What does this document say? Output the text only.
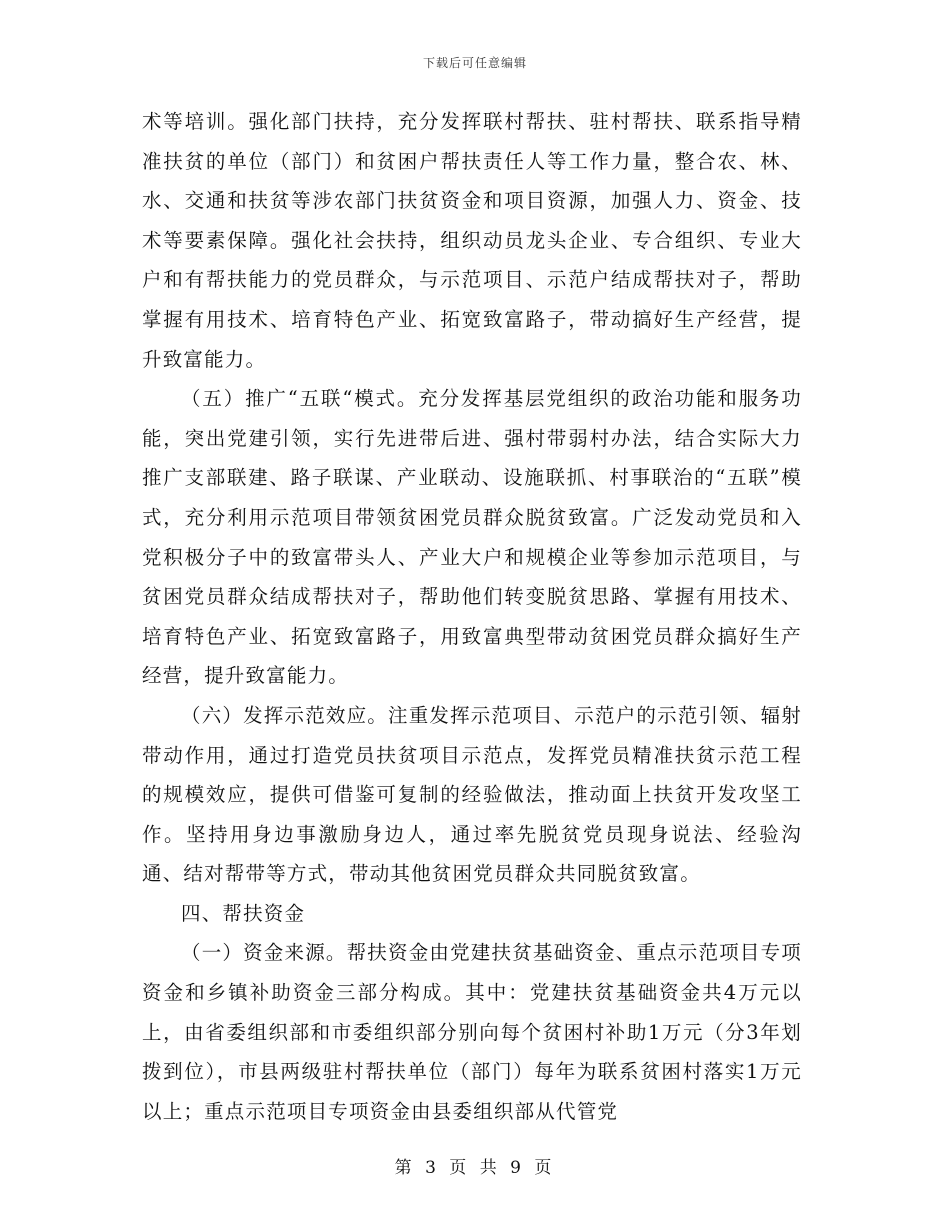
下载后可任意编辑

术等培训。强化部门扶持，充分发挥联村帮扶、驻村帮扶、联系指导精准扶贫的单位（部门）和贫困户帮扶责任人等工作力量，整合农、林、水、交通和扶贫等涉农部门扶贫资金和项目资源，加强人力、资金、技术等要素保障。强化社会扶持，组织动员龙头企业、专合组织、专业大户和有帮扶能力的党员群众，与示范项目、示范户结成帮扶对子，帮助掌握有用技术、培育特色产业、拓宽致富路子，带动搞好生产经营，提升致富能力。

（五）推广“五联“模式。充分发挥基层党组织的政治功能和服务功能，突出党建引领，实行先进带后进、强村带弱村办法，结合实际大力推广支部联建、路子联谋、产业联动、设施联抓、村事联治的“五联”模式，充分利用示范项目带领贫困党员群众脱贫致富。广泛发动党员和入党积极分子中的致富带头人、产业大户和规模企业等参加示范项目，与贫困党员群众结成帮扶对子，帮助他们转变脱贫思路、掌握有用技术、培育特色产业、拓宽致富路子，用致富典型带动贫困党员群众搞好生产经营，提升致富能力。

（六）发挥示范效应。注重发挥示范项目、示范户的示范引领、辐射带动作用，通过打造党员扶贫项目示范点，发挥党员精准扶贫示范工程的规模效应，提供可借鉴可复制的经验做法，推动面上扶贫开发攻坚工作。坚持用身边事激励身边人，通过率先脱贫党员现身说法、经验沟通、结对帮带等方式，带动其他贫困党员群众共同脱贫致富。

四、帮扶资金

（一）资金来源。帮扶资金由党建扶贫基础资金、重点示范项目专项资金和乡镇补助资金三部分构成。其中：党建扶贫基础资金共4万元以上，由省委组织部和市委组织部分别向每个贫困村补助1万元（分3年划拨到位），市县两级驻村帮扶单位（部门）每年为联系贫困村落实1万元以上；重点示范项目专项资金由县委组织部从代管党

第 3 页 共 9 页
